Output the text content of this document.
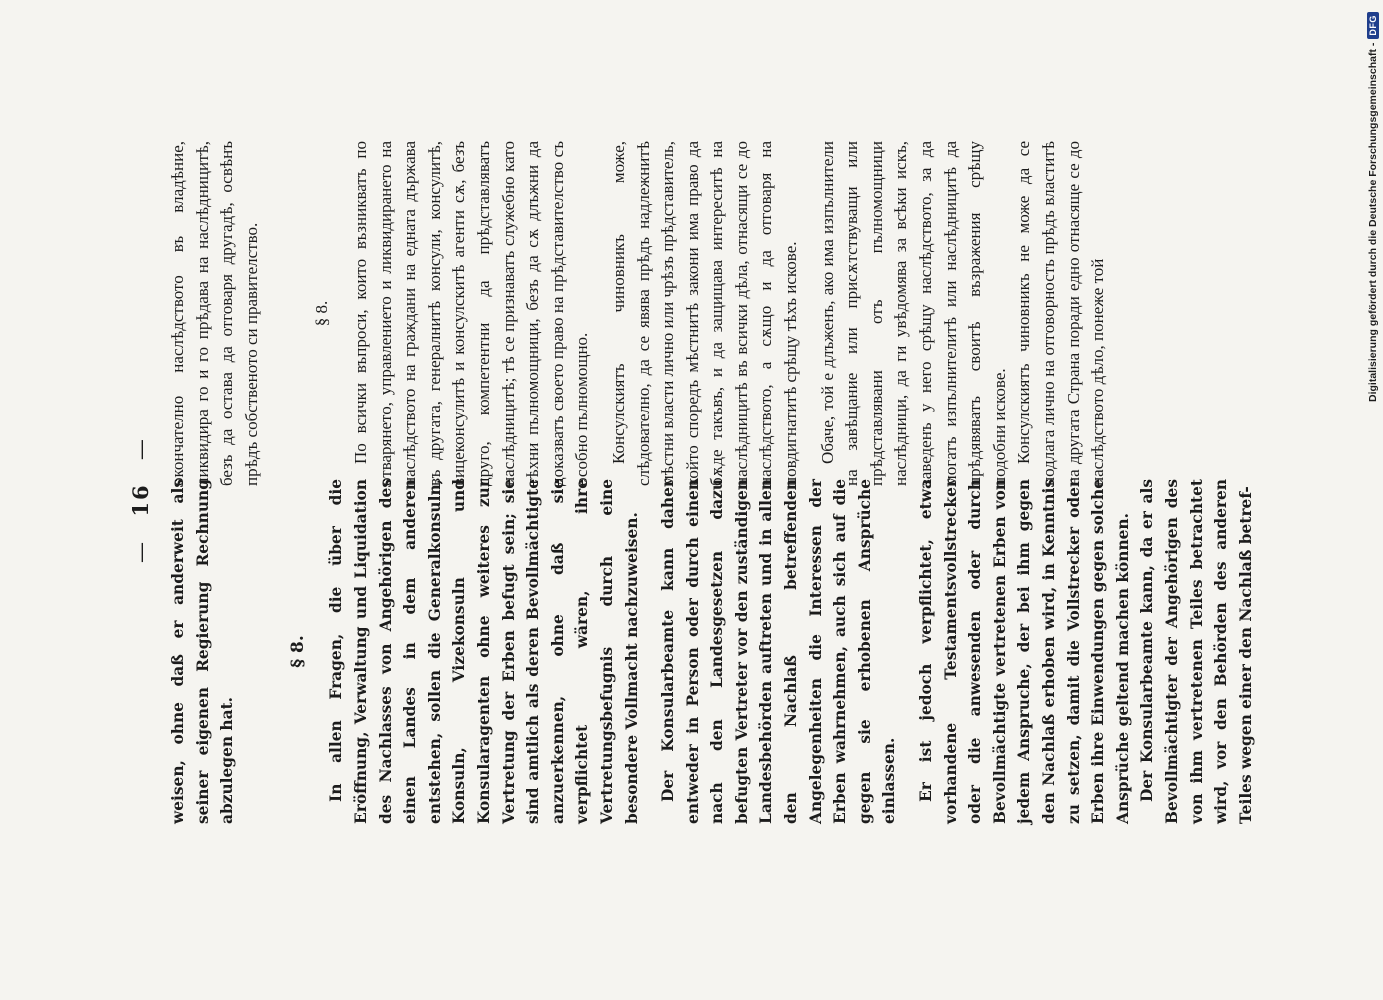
— 16 —

weisen, ohne daß er anderweit als seiner eigenen Regierung Rechnung abzulegen hat.

§ 8. In allen Fragen, die über die Eröffnung, Verwaltung und Liquidation des Nachlasses von Angehörigen des einen Landes in dem anderen entstehen, sollen die Generalkonsuln, Konsuln, Vizekonsuln und Konsularagenten ohne weiteres zur Vertretung der Erben befugt sein; sie sind amtlich als deren Bevollmächtigte anzuerkennen, ohne daß sie verpflichtet wären, ihre Vertretungsbefugnis durch eine besondere Vollmacht nachzuweisen. Der Konsularbeamte kann daher entweder in Person oder durch einen nach den Landesgesetzen dazu befugten Vertreter vor den zuständigen Landesbehörden auftreten und in allen den Nachlaß betreffenden Angelegenheiten die Interessen der Erben wahrnehmen, auch sich auf die gegen sie erhobenen Ansprüche einlassen. Er ist jedoch verpflichtet, etwa vorhandene Testamentsvollstrecker oder die anwesenden oder durch Bevollmächtigte vertretenen Erben von jedem Anspruche, der bei ihm gegen den Nachlaß erhoben wird, in Kenntnis zu setzen, damit die Vollstrecker oder Erben ihre Einwendungen gegen solche Ansprüche geltend machen können. Der Konsularbeamte kann, da er als Bevollmächtigter der Angehörigen des von ihm vertretenen Teiles betrachtet wird, vor den Behörden des anderen Teiles wegen einer den Nachlaß betref-

окончателно наслѣдството въ владѣние, ликвидира го и го прѣдава на наслѣдницитѣ, безъ да остава да отговаря другадѣ, освѣнъ прѣдъ собственото си правителство.	§ 8. По всички въпроси, които възникватъ по отварянето, управлението и ликвидирането на наслѣдството на граждани на едната държава въ другата, генералнитѣ консули, консулитѣ, вицеконсулитѣ и консулскитѣ агенти сѫ, безъ друго, компетентни да прѣдставляватъ наслѣдницитѣ; тѣ се признаватъ служебно като тѣхни пълномощници, безъ да сѫ длъжни да доказватъ своето право на прѣдставителство съ особно пълномощно. Консулскиятъ чиновникъ може, слѣдователно, да се явява прѣдъ надлежнитѣ мѣстни власти лично или чрѣзъ прѣдставитель, който споредъ мѣстнитѣ закони има право да бѫде такъвъ, и да защищава интереситѣ на наслѣдницитѣ въ всички дѣла, отнасящи се до наслѣдството, а сѫщо и да отговаря на повдигнатитѣ срѣщу тѣхъ искове. Обаче, той е длъженъ, ако има изпълнители на завѣщание или присѫтствуващи или прѣдставлявани отъ пълномощници наслѣдници, да ги увѣдомява за всѣки искъ, заведенъ у него срѣщу наслѣдството, за да могатъ изпълнителитѣ или наслѣдницитѣ да прѣдявяватъ своитѣ възражения срѣщу подобни искове. Консулскиятъ чиновникъ не може да се подлага лично на отговорность прѣдъ властитѣ на другата Страна поради едно отнасяще се до наслѣдството дѣло, понеже той	Digitalisierung gefördert durch die Deutsche Forschungsgemeinschaft -
DFG
